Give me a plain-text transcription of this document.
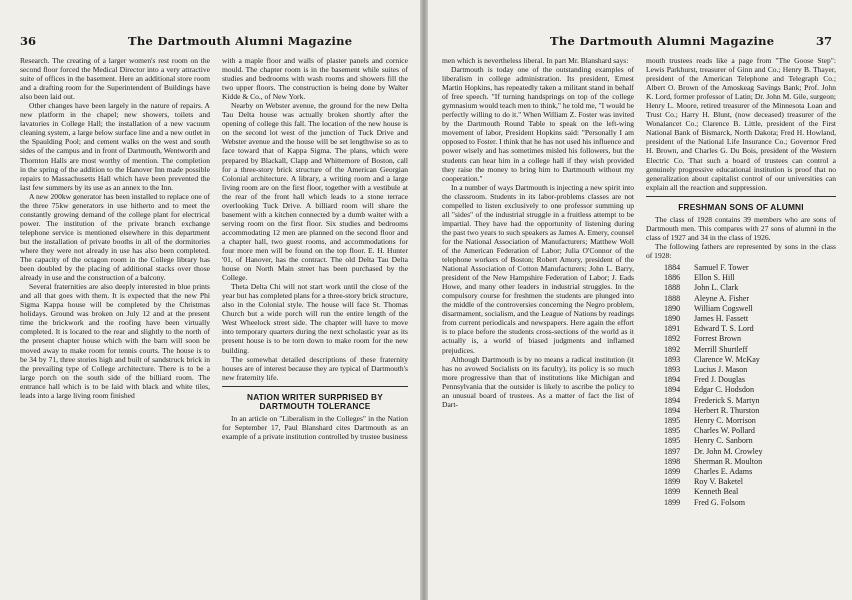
36	The Dartmouth Alumni Magazine

Research. The creating of a larger women's rest room on the second floor forced the Medical Director into a very attractive suite of offices in the basement. Here an additional store room and a drafting room for the Superintendent of Buildings have also been laid out.

Other changes have been largely in the nature of repairs. A new platform in the chapel; new showers, toilets and lavatories in College Hall; the installation of a new vacuum cleaning system, a large below surface line and a new outlet in the Spaulding Pool; and cement walks on the west and south sides of the campus and in front of Dartmouth, Wentworth and Thornton Halls are most worthy of mention. The completion in the spring of the addition to the Hanover Inn made possible repairs to Massachusetts Hall which have been prevented the last few summers by its use as an annex to the Inn.

A new 200kw generator has been installed to replace one of the three 75kw generators in use hitherto and to meet the constantly growing demand of the college plant for electrical power. The institution of the private branch exchange telephone service is mentioned elsewhere in this department but the installation of private booths in all of the dormitories where they were not already in use has also been completed. The capacity of the octagon room in the College library has been doubled by the placing of additional stacks over those already in use and the construction of a balcony.

Several fraternities are also deeply interested in blue prints and all that goes with them. It is expected that the new Phi Sigma Kappa house will be completed by the Christmas holidays. Ground was broken on July 12 and at the present time the brickwork and the roofing have been virtually completed. It is located to the rear and slightly to the north of the present chapter house which with the barn will soon be moved away to make room for tennis courts. The house is to be 34 by 71, three stories high and built of sandstruck brick in the prevailing type of College architecture. There is to be a large porch on the south side of the billiard room. The entrance hall which is to be laid with black and white tiles, leads into a large living room finished

with a maple floor and walls of plaster panels and cornice mould. The chapter room is in the basement while suites of studies and bedrooms with wash rooms and showers fill the two upper floors. The construction is being done by Walter Kidde & Co., of New York.

Nearby on Webster avenue, the ground for the new Delta Tau Delta house was actually broken shortly after the opening of college this fall. The location of the new house is on the second lot west of the junction of Tuck Drive and Webster avenue and the house will be set lengthwise so as to face toward that of Kappa Sigma. The plans, which were prepared by Blackall, Clapp and Whittemore of Boston, call for a three-story brick structure of the American Georgian Colonial architecture. A library, a writing room and a large living room are on the first floor, together with a vestibule at the rear of the front hall which leads to a stone terrace overlooking Tuck Drive. A billiard room will share the basement with a kitchen connected by a dumb waiter with a serving room on the first floor. Six studies and bedrooms accommodating 12 men are planned on the second floor and a chapter hall, two guest rooms, and accommodations for four more men will be found on the top floor. E. H. Hunter '01, of Hanover, has the contract. The old Delta Tau Delta house on North Main street has been purchased by the College.

Theta Delta Chi will not start work until the close of the year but has completed plans for a three-story brick structure, also in the Colonial style. The house will face St. Thomas Church but a wide porch will run the entire length of the West Wheelock street side. The chapter will have to move into temporary quarters during the next scholastic year as its present house is to be torn down to make room for the new building.

The somewhat detailed descriptions of these fraternity houses are of interest because they are typical of Dartmouth's new fraternity life.

NATION WRITER SURPRISED BY DARTMOUTH TOLERANCE

In an article on "Liberalism in the Colleges" in the Nation for September 17, Paul Blanshard cites Dartmouth as an example of a private institution controlled by trustee business

The Dartmouth Alumni Magazine	37

men which is nevertheless liberal. In part Mr. Blanshard says:

Dartmouth is today one of the outstanding examples of liberalism in college administration. Its president, Ernest Martin Hopkins, has repeatedly taken a militant stand in behalf of free speech. "If turning handsprings on top of the college gymnasium would teach men to think," he told me, "I would be perfectly willing to do it." When William Z. Foster was invited by the Dartmouth Round Table to speak on the left-wing movement of labor, President Hopkins said: "Personally I am opposed to Foster. I think that he has not used his influence and power wisely and has sometimes misled his followers, but the students can hear him in a college hall if they wish provided they raise the money to bring him to Dartmouth without my cooperation."

In a number of ways Dartmouth is injecting a new spirit into the classroom. Students in its labor-problems classes are not compelled to listen exclusively to one professor summing up all "sides" of the industrial struggle in a fruitless attempt to be impartial. They have had the opportunity of listening during the past two years to such speakers as James A. Emery, counsel for the National Association of Manufacturers; Matthew Woll of the American Federation of Labor; Julia O'Connor of the telephone workers of Boston; Robert Amory, president of the National Association of Cotton Manufacturers; John L. Barry, president of the New Hampshire Federation of Labor; J. Eads Howe, and many other leaders in industrial struggles. In the compulsory course for freshmen the students are plunged into the middle of the controversies concerning the Negro problem, disarmament, socialism, and the League of Nations by readings from current periodicals and newspapers. Here again the effort is to place before the students cross-sections of the world as it actually is, a world of biased judgments and inflamed prejudices.

Although Dartmouth is by no means a radical institution (it has no avowed Socialists on its faculty), its policy is so much more progressive than that of institutions like Michigan and Pennsylvania that the outsider is likely to ascribe the policy to an unusual board of trustees. As a matter of fact the list of Dart-

mouth trustees reads like a page from "The Goose Step": Lewis Parkhurst, treasurer of Ginn and Co.; Henry B. Thayer, president of the American Telephone and Telegraph Co.; Albert O. Brown of the Amoskeag Savings Bank; Prof. John K. Lord, former professor of Latin; Dr. John M. Gile, surgeon; Henry L. Moore, retired treasurer of the Minnesota Loan and Trust Co.; Harry H. Blunt, (now deceased) treasurer of the Wonalancet Co.; Clarence B. Little, president of the First National Bank of Bismarck, North Dakota; Fred H. Howland, president of the National Life Insurance Co.; Governor Fred H. Brown, and Charles G. Du Bois, president of the Western Electric Co. That such a board of trustees can control a genuinely progressive educational institution is proof that no generalization about capitalist control of our universities can explain all the reaction and suppression.

FRESHMAN SONS OF ALUMNI

The class of 1928 contains 39 members who are sons of Dartmouth men. This compares with 27 sons of alumni in the class of 1927 and 34 in the class of 1926.

The following fathers are represented by sons in the class of 1928:

1884 Samuel F. Tower
1886 Ellon S. Hill
1888 John L. Clark
1888 Aleyne A. Fisher
1890 William Cogswell
1890 James H. Fassett
1891 Edward T. S. Lord
1892 Forrest Brown
1892 Merrill Shurtleff
1893 Clarence W. McKay
1893 Lucius J. Mason
1894 Fred J. Douglas
1894 Edgar C. Hodsdon
1894 Frederick S. Martyn
1894 Herbert R. Thurston
1895 Henry C. Morrison
1895 Charles W. Pollard
1895 Henry C. Sanborn
1897 Dr. John M. Crowley
1898 Sherman R. Moulton
1899 Charles E. Adams
1899 Roy V. Baketel
1899 Kenneth Beal
1899 Fred G. Folsom
